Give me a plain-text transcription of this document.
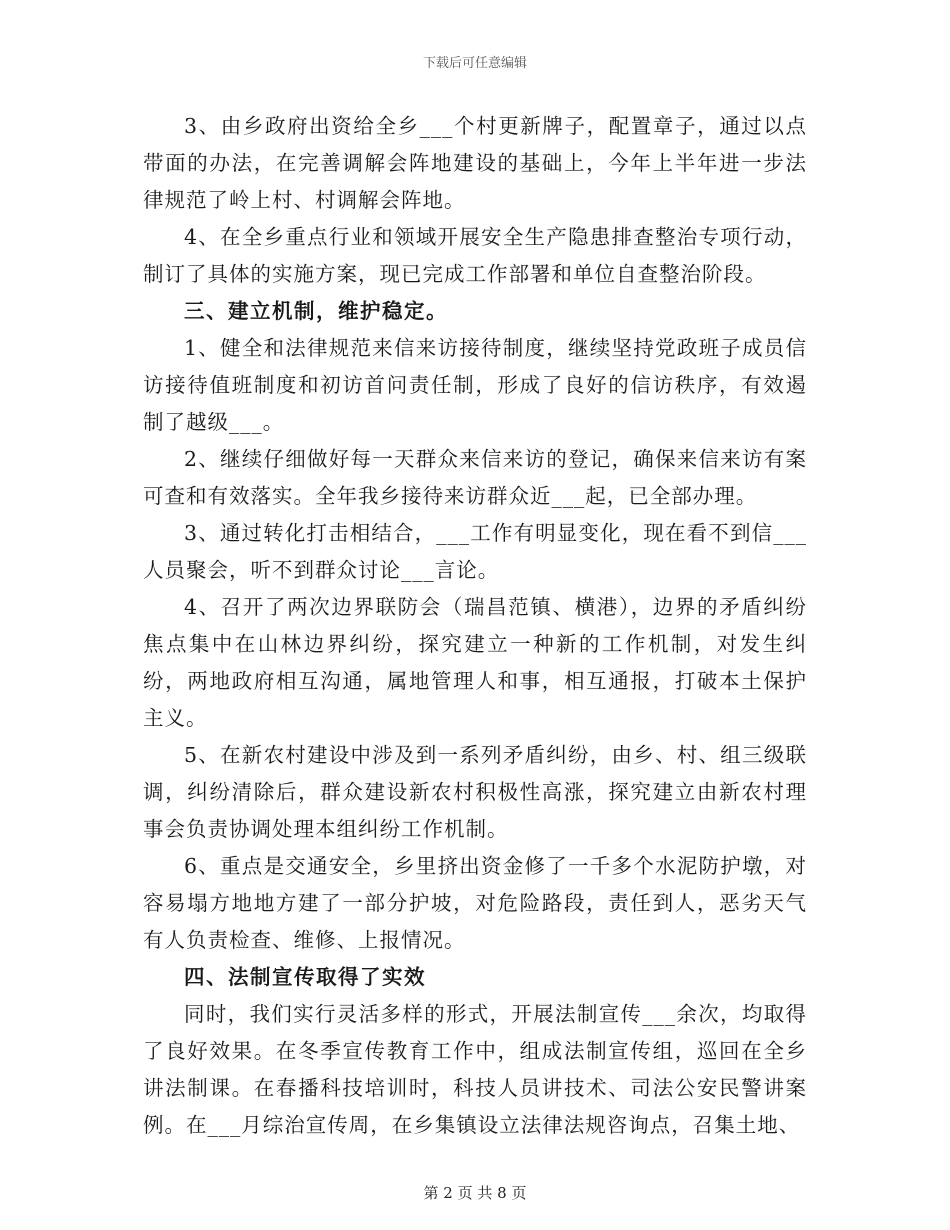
下载后可任意编辑

3、由乡政府出资给全乡___个村更新牌子，配置章子，通过以点带面的办法，在完善调解会阵地建设的基础上，今年上半年进一步法律规范了岭上村、村调解会阵地。

4、在全乡重点行业和领域开展安全生产隐患排查整治专项行动，制订了具体的实施方案，现已完成工作部署和单位自查整治阶段。

三、建立机制，维护稳定。

1、健全和法律规范来信来访接待制度，继续坚持党政班子成员信访接待值班制度和初访首问责任制，形成了良好的信访秩序，有效遏制了越级___。

2、继续仔细做好每一天群众来信来访的登记，确保来信来访有案可查和有效落实。全年我乡接待来访群众近___起，已全部办理。

3、通过转化打击相结合，___工作有明显变化，现在看不到信___人员聚会，听不到群众讨论___言论。

4、召开了两次边界联防会（瑞昌范镇、横港），边界的矛盾纠纷焦点集中在山林边界纠纷，探究建立一种新的工作机制，对发生纠纷，两地政府相互沟通，属地管理人和事，相互通报，打破本土保护主义。

5、在新农村建设中涉及到一系列矛盾纠纷，由乡、村、组三级联调，纠纷清除后，群众建设新农村积极性高涨，探究建立由新农村理事会负责协调处理本组纠纷工作机制。

6、重点是交通安全，乡里挤出资金修了一千多个水泥防护墩，对容易塌方地地方建了一部分护坡，对危险路段，责任到人，恶劣天气有人负责检查、维修、上报情况。

四、法制宣传取得了实效

同时，我们实行灵活多样的形式，开展法制宣传___余次，均取得了良好效果。在冬季宣传教育工作中，组成法制宣传组，巡回在全乡讲法制课。在春播科技培训时，科技人员讲技术、司法公安民警讲案例。在___月综治宣传周，在乡集镇设立法律法规咨询点，召集土地、

第 2 页 共 8 页
